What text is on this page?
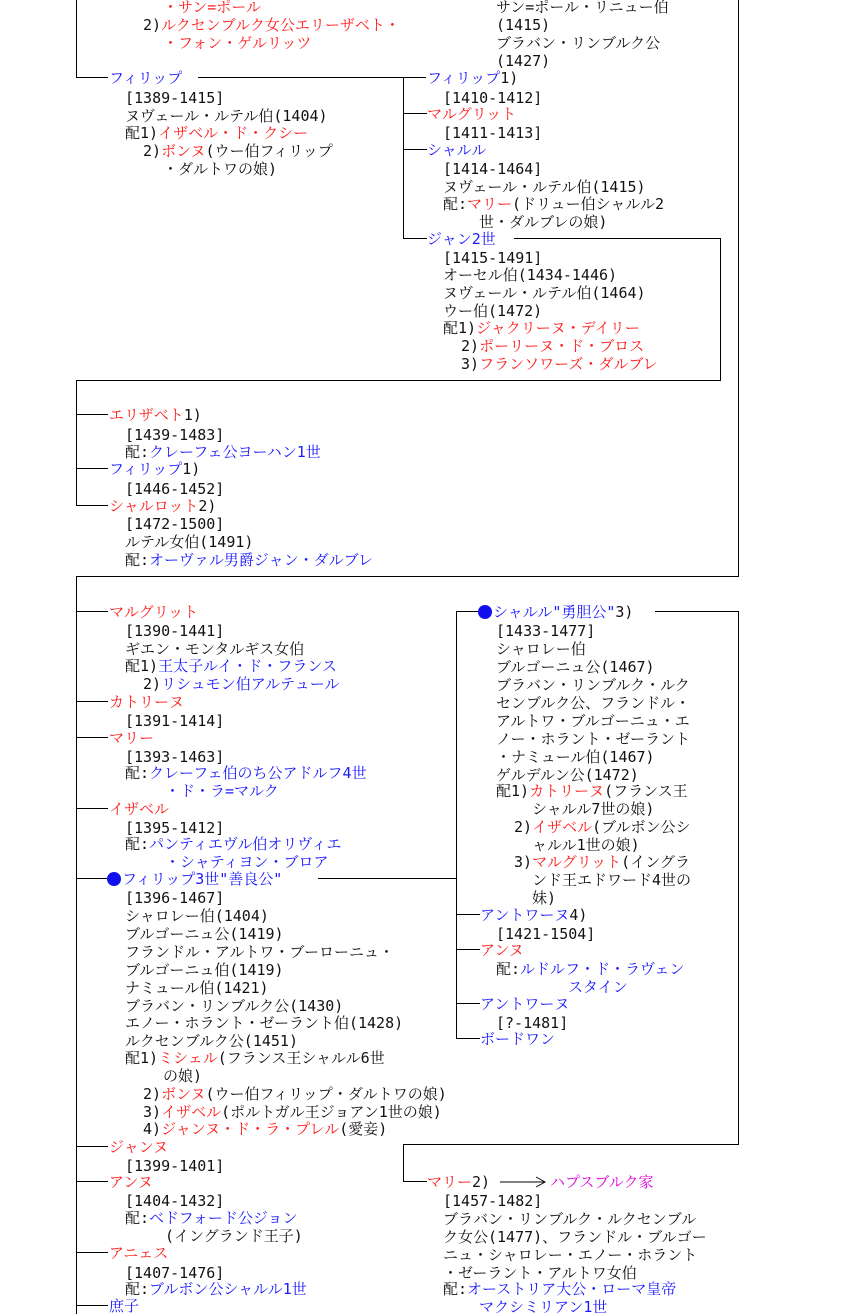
・サン=ポール
2)ルクセンブルク女公エリーザベト・
・フォン・ゲルリッツ
サン=ポール・リニュー伯
(1415)
ブラバン・リンブルク公
(1427)
フィリップ
[1389-1415]
ヌヴェール・ルテル伯(1404)
配1)イザベル・ド・クシー
2)ボンヌ(ウー伯フィリップ
・ダルトワの娘)
フィリップ1)
[1410-1412]
マルグリット
[1411-1413]
シャルル
[1414-1464]
ヌヴェール・ルテル伯(1415)
配:マリー(ドリュー伯シャルル2
世・ダルブレの娘)
ジャン2世
[1415-1491]
オーセル伯(1434-1446)
ヌヴェール・ルテル伯(1464)
ウー伯(1472)
配1)ジャクリーヌ・デイリー
2)ポーリーヌ・ド・ブロス
3)フランソワーズ・ダルブレ
エリザベト1)
[1439-1483]
配:クレーフェ公ヨーハン1世
フィリップ1)
[1446-1452]
シャルロット2)
[1472-1500]
ルテル女伯(1491)
配:オーヴァル男爵ジャン・ダルブレ
マルグリット
[1390-1441]
ギエン・モンタルギス女伯
配1)王太子ルイ・ド・フランス
2)リシュモン伯アルテュール
カトリーヌ
[1391-1414]
マリー
[1393-1463]
配:クレーフェ伯のち公アドルフ4世
・ド・ラ=マルク
イザベル
[1395-1412]
配:パンティエヴル伯オリヴィエ
・シャティヨン・ブロア
フィリップ3世"善良公"
[1396-1467]
シャロレー伯(1404)
ブルゴーニュ公(1419)
フランドル・アルトワ・ブーローニュ・
ブルゴーニュ伯(1419)
ナミュール伯(1421)
ブラバン・リンブルク公(1430)
エノー・ホラント・ゼーラント伯(1428)
ルクセンブルク公(1451)
配1)ミシェル(フランス王シャルル6世
の娘)
2)ボンヌ(ウー伯フィリップ・ダルトワの娘)
3)イザベル(ポルトガル王ジョアン1世の娘)
4)ジャンヌ・ド・ラ・プレル(愛妾)
ジャンヌ
[1399-1401]
アンヌ
[1404-1432]
配:ベドフォード公ジョン
(イングランド王子)
アニェス
[1407-1476]
配:ブルボン公シャルル1世
庶子
シャルル"勇胆公"3)
[1433-1477]
シャロレー伯
ブルゴーニュ公(1467)
ブラバン・リンブルク・ルク
センブルク公、フランドル・
アルトワ・ブルゴーニュ・エ
ノー・ホラント・ゼーラント
・ナミュール伯(1467)
ゲルデルン公(1472)
配1)カトリーヌ(フランス王
シャルル7世の娘)
2)イザベル(ブルボン公シ
ャルル1世の娘)
3)マルグリット(イングラ
ンド王エドワード4世の
妹)
アントワーヌ4)
[1421-1504]
アンヌ
配:ルドルフ・ド・ラヴェン
スタイン
アントワーヌ
[?-1481]
ボードワン
マリー2)	ハプスブルク家
[1457-1482]
ブラバン・リンブルク・ルクセンブル
ク女公(1477)、フランドル・ブルゴー
ニュ・シャロレー・エノー・ホラント
・ゼーラント・アルトワ女伯
配:オーストリア大公・ローマ皇帝
マクシミリアン1世
